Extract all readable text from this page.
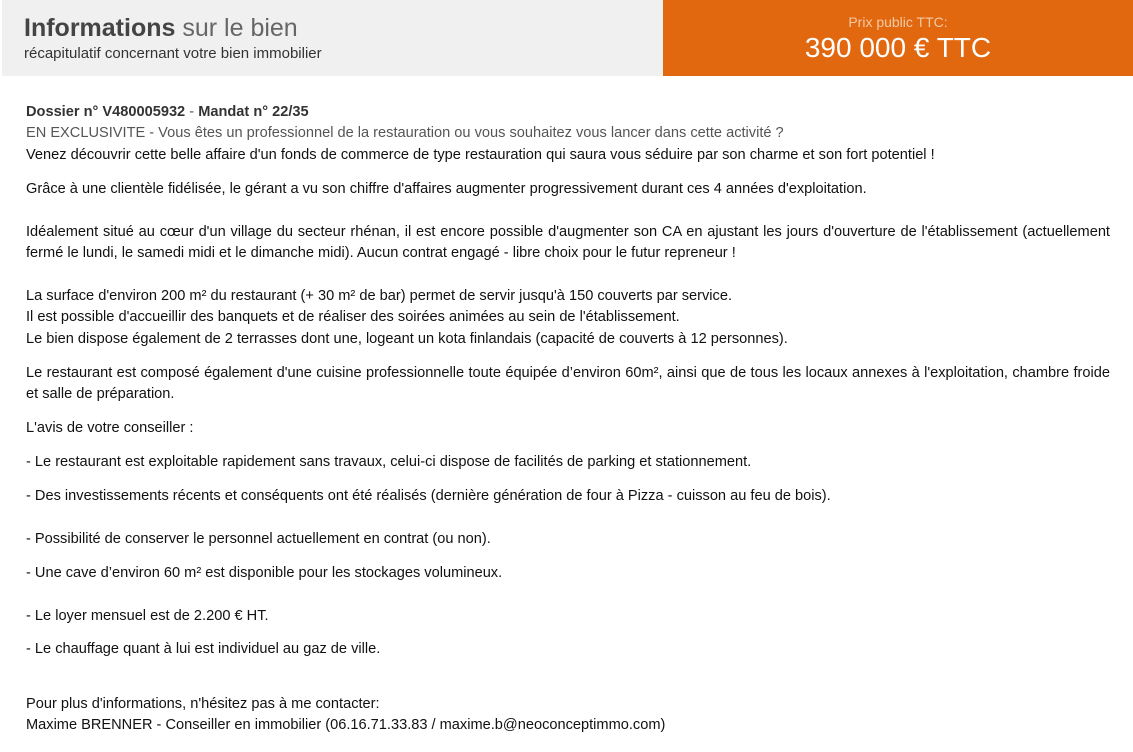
Informations sur le bien
récapitulatif concernant votre bien immobilier
Prix public TTC:
390 000 € TTC

Dossier n° V480005932 - Mandat n° 22/35

EN EXCLUSIVITE - Vous êtes un professionnel de la restauration ou vous souhaitez vous lancer dans cette activité ?

Venez découvrir cette belle affaire d'un fonds de commerce de type restauration qui saura vous séduire par son charme et son fort potentiel !

Grâce à une clientèle fidélisée, le gérant a vu son chiffre d'affaires augmenter progressivement durant ces 4 années d'exploitation.

Idéalement situé au cœur d'un village du secteur rhénan, il est encore possible d'augmenter son CA en ajustant les jours d'ouverture de l'établissement (actuellement fermé le lundi, le samedi midi et le dimanche midi). Aucun contrat engagé - libre choix pour le futur repreneur !

La surface d'environ 200 m² du restaurant (+ 30 m² de bar) permet de servir jusqu'à 150 couverts par service.

Il est possible d'accueillir des banquets et de réaliser des soirées animées au sein de l'établissement.

Le bien dispose également de 2 terrasses dont une, logeant un kota finlandais (capacité de couverts à 12 personnes).

Le restaurant est composé également d'une cuisine professionnelle toute équipée d’environ 60m², ainsi que de tous les locaux annexes à l'exploitation, chambre froide et salle de préparation.

L'avis de votre conseiller :

- Le restaurant est exploitable rapidement sans travaux, celui-ci dispose de facilités de parking et stationnement.

- Des investissements récents et conséquents ont été réalisés (dernière génération de four à Pizza - cuisson au feu de bois).

- Possibilité de conserver le personnel actuellement en contrat (ou non).

- Une cave d’environ 60 m² est disponible pour les stockages volumineux.

- Le loyer mensuel est de 2.200 € HT.

- Le chauffage quant à lui est individuel au gaz de ville.

Pour plus d'informations, n'hésitez pas à me contacter:

Maxime BRENNER - Conseiller en immobilier (06.16.71.33.83 / maxime.b@neoconceptimmo.com)
